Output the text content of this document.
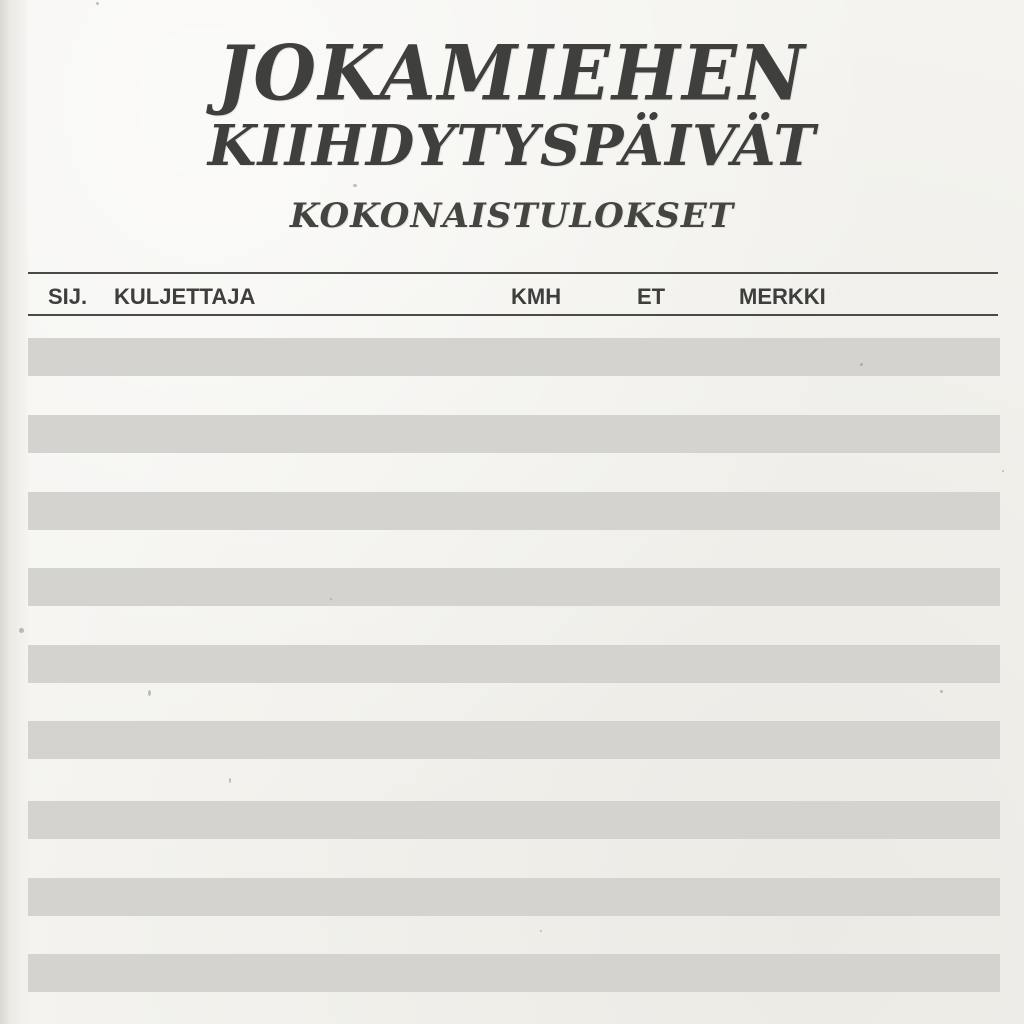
JOKAMIEHEN
KIIHDYTYSPÄIVÄT
KOKONAISTULOKSET
SIJ. KULJETTAJA	KMH	ET	MERKKI
